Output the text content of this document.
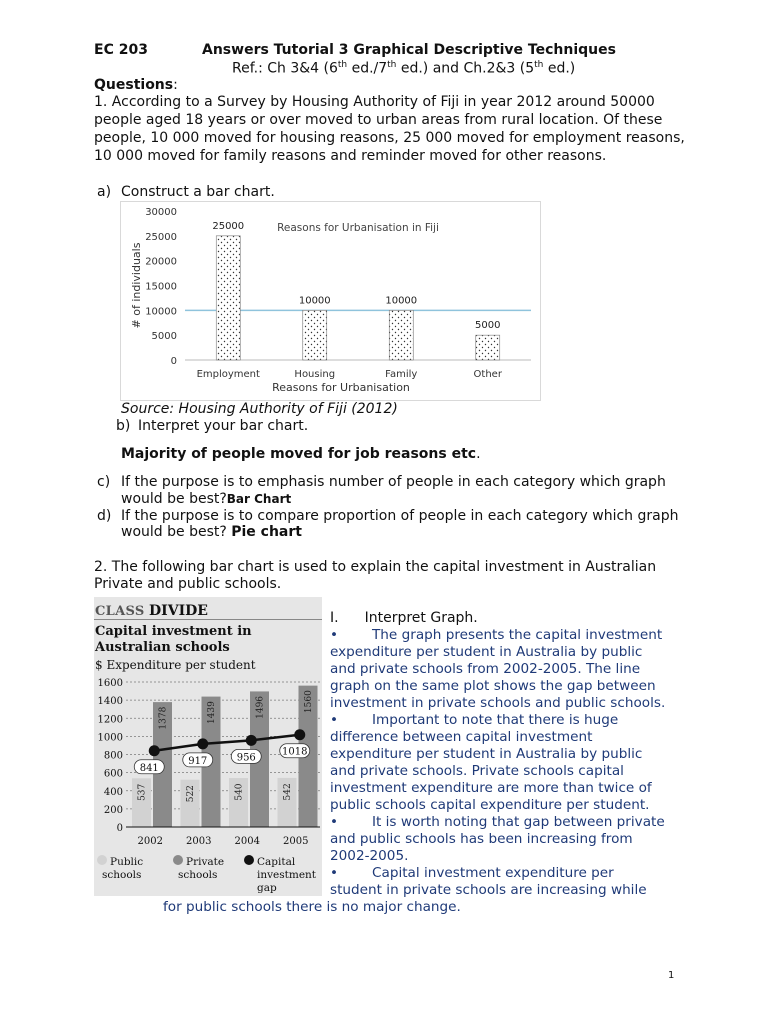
EC 203	Answers Tutorial 3 Graphical Descriptive Techniques
Ref.: Ch 3&4 (6th ed./7th ed.) and Ch.2&3 (5th ed.)
Questions:
1. According to a Survey by Housing Authority of Fiji in year 2012 around 50000
people aged 18 years or over moved to urban areas from rural location. Of these
people, 10 000 moved for housing reasons, 25 000 moved for employment reasons,
10 000 moved for family reasons and reminder moved for other reasons.
a) Construct a bar chart.
0
5000
10000
15000
20000
25000
30000
25000
Employment
10000
Housing
10000
Family
5000
Other
Reasons for Urbanisation in Fiji
Reasons for Urbanisation
# of individuals
Source: Housing Authority of Fiji (2012)
b) Interpret your bar chart.
Majority of people moved for job reasons etc.
c) If the purpose is to emphasis number of people in each category which graph
would be best?Bar Chart
d) If the purpose is to compare proportion of people in each category which graph
would be best? Pie chart
2. The following bar chart is used to explain the capital investment in Australian
Private and public schools.
CLASS DIVIDE
Capital investment in
Australian schools
$ Expenditure per student
0
200
400
600
800
1000
1200
1400
1600
537
1378
2002
522
1439
2003
540
1496
2004
542
1560
2005
841
917	956
1018
Public
schools
Private
schools
Capital
investment
gap
I. Interpret Graph.
• The graph presents the capital investment
expenditure per student in Australia by public
and private schools from 2002-2005. The line
graph on the same plot shows the gap between
investment in private schools and public schools.
• Important to note that there is huge
difference between capital investment
expenditure per student in Australia by public
and private schools. Private schools capital
investment expenditure are more than twice of
public schools capital expenditure per student.
• It is worth noting that gap between private
and public schools has been increasing from
2002-2005.
• Capital investment expenditure per
student in private schools are increasing while
for public schools there is no major change.
1
